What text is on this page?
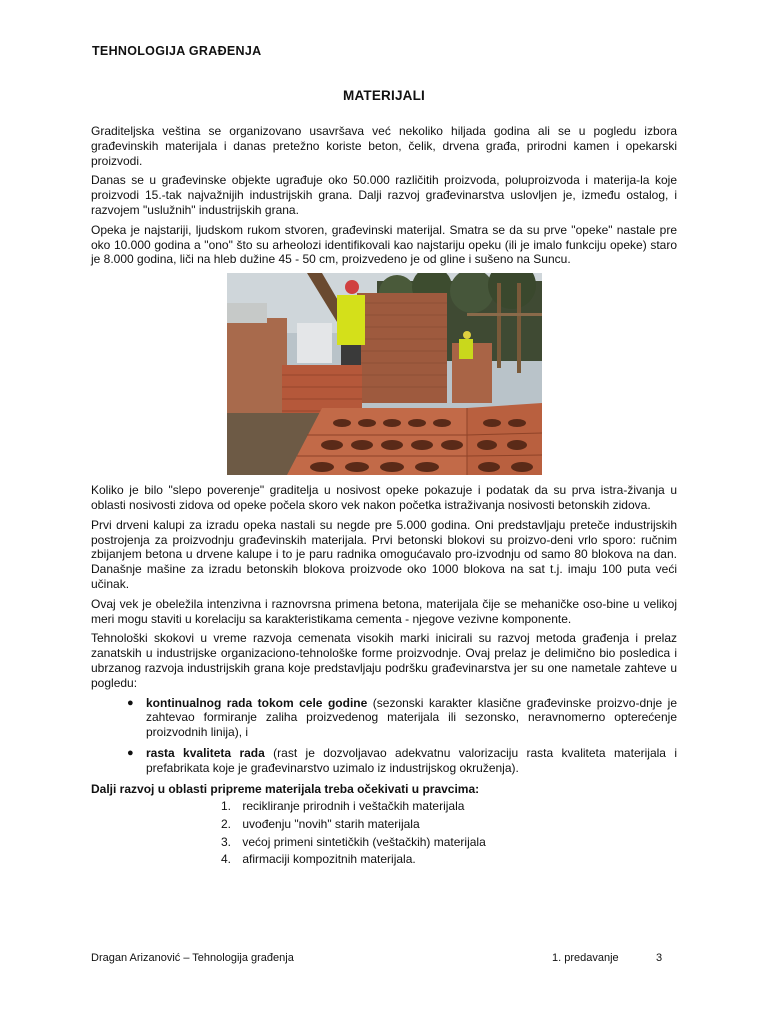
TEHNOLOGIJA GRAĐENJA
MATERIJALI

Graditeljska veština se organizovano usavršava već nekoliko hiljada godina ali se u pogledu izbora građevinskih materijala i danas pretežno koriste beton, čelik, drvena građa, prirodni kamen i opekarski proizvodi.

Danas se u građevinske objekte ugrađuje oko 50.000 različitih proizvoda, poluproizvoda i materija-la koje proizvodi 15.-tak najvažnijih industrijskih grana. Dalji razvoj građevinarstva uslovljen je, između ostalog, i razvojem "uslužnih" industrijskih grana.

Opeka je najstariji, ljudskom rukom stvoren, građevinski materijal. Smatra se da su prve "opeke" nastale pre oko 10.000 godina a "ono" što su arheolozi identifikovali kao najstariju opeku (ili je imalo funkciju opeke) staro je 8.000 godina, liči na hleb dužine 45 - 50 cm, proizvedeno je od gline i sušeno na Suncu.

Koliko je bilo "slepo poverenje" graditelja u nosivost opeke pokazuje i podatak da su prva istra-živanja u oblasti nosivosti zidova od opeke počela skoro vek nakon početka istraživanja nosivosti betonskih zidova.

Prvi drveni kalupi za izradu opeka nastali su negde pre 5.000 godina. Oni predstavljaju preteče industrijskih postrojenja za proizvodnju građevinskih materijala. Prvi betonski blokovi su proizvo-deni vrlo sporo: ručnim zbijanjem betona u drvene kalupe i to je paru radnika omogućavalo pro-izvodnju od samo 80 blokova na dan. Današnje mašine za izradu betonskih blokova proizvode oko 1000 blokova na sat t.j. imaju 100 puta veći učinak.

Ovaj vek je obeležila intenzivna i raznovrsna primena betona, materijala čije se mehaničke oso-bine u velikoj meri mogu staviti u korelaciju sa karakteristikama cementa - njegove vezivne komponente.

Tehnološki skokovi u vreme razvoja cemenata visokih marki inicirali su razvoj metoda građenja i prelaz zanatskih u industrijske organizaciono-tehnološke forme proizvodnje. Ovaj prelaz je delimično bio posledica i ubrzanog razvoja industrijskih grana koje predstavljaju podršku građevinarstva jer su one nametale zahteve u pogledu:

● kontinualnog rada tokom cele godine (sezonski karakter klasične građevinske proizvo-dnje je zahtevao formiranje zaliha proizvedenog materijala ili sezonsko, neravnomerno opterećenje proizvodnih linija), i
● rasta kvaliteta rada (rast je dozvoljavao adekvatnu valorizaciju rasta kvaliteta materijala i prefabrikata koje je građevinarstvo uzimalo iz industrijskog okruženja).

Dalji razvoj u oblasti pripreme materijala treba očekivati u pravcima:

1. recikliranje prirodnih i veštačkih materijala
2. uvođenju "novih" starih materijala
3. većoj primeni sintetičkih (veštačkih) materijala
4. afirmaciji kompozitnih materijala.
Dragan Arizanović – Tehnologija građenja	1. predavanje	3
